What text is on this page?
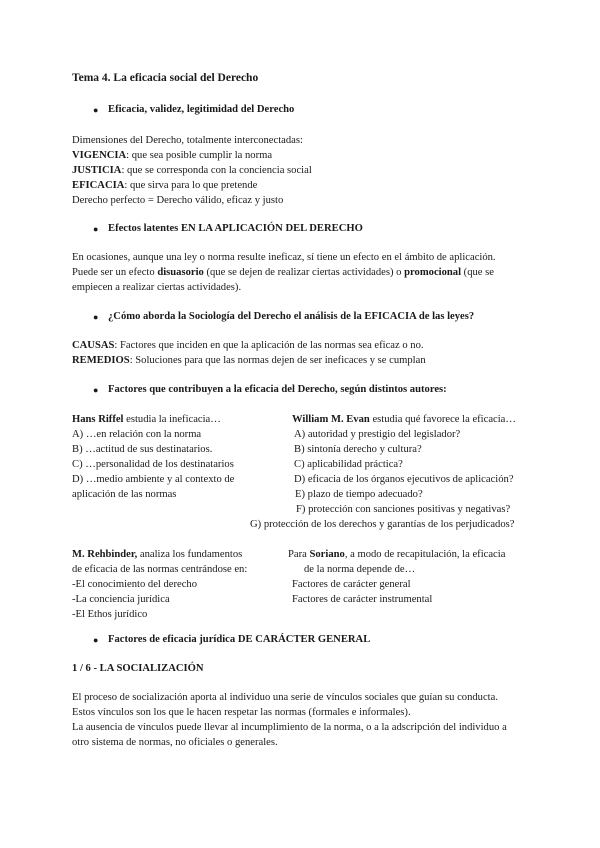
Tema 4. La eficacia social del Derecho
● Eficacia, validez, legitimidad del Derecho
Dimensiones del Derecho, totalmente interconectadas:
VIGENCIA: que sea posible cumplir la norma
JUSTICIA: que se corresponda con la conciencia social
EFICACIA: que sirva para lo que pretende
Derecho perfecto = Derecho válido, eficaz y justo
● Efectos latentes EN LA APLICACIÓN DEL DERECHO
En ocasiones, aunque una ley o norma resulte ineficaz, sí tiene un efecto en el ámbito de aplicación.
Puede ser un efecto disuasorio (que se dejen de realizar ciertas actividades) o promocional (que se
empiecen a realizar ciertas actividades).
● ¿Cómo aborda la Sociología del Derecho el análisis de la EFICACIA de las leyes?
CAUSAS: Factores que inciden en que la aplicación de las normas sea eficaz o no.
REMEDIOS: Soluciones para que las normas dejen de ser ineficaces y se cumplan
● Factores que contribuyen a la eficacia del Derecho, según distintos autores:
Hans Riffel estudia la ineficacia…
A) …en relación con la norma
B) …actitud de sus destinatarios.
C) …personalidad de los destinatarios
D) …medio ambiente y al contexto de
aplicación de las normas
William M. Evan estudia qué favorece la eficacia…
A) autoridad y prestigio del legislador?
B) sintonía derecho y cultura?
C) aplicabilidad práctica?
D) eficacia de los órganos ejecutivos de aplicación?
E) plazo de tiempo adecuado?
F) protección con sanciones positivas y negativas?
G) protección de los derechos y garantías de los perjudicados?
M. Rehbinder, analiza los fundamentos
de eficacia de las normas centrándose en:
-El conocimiento del derecho
-La conciencia jurídica
-El Ethos jurídico
Para Soriano, a modo de recapitulación, la eficacia
de la norma depende de…
Factores de carácter general
Factores de carácter instrumental
● Factores de eficacia jurídica DE CARÁCTER GENERAL
1 / 6 - LA SOCIALIZACIÓN
El proceso de socialización aporta al individuo una serie de vínculos sociales que guían su conducta.
Estos vínculos son los que le hacen respetar las normas (formales e informales).
La ausencia de vínculos puede llevar al incumplimiento de la norma, o a la adscripción del individuo a
otro sistema de normas, no oficiales o generales.
